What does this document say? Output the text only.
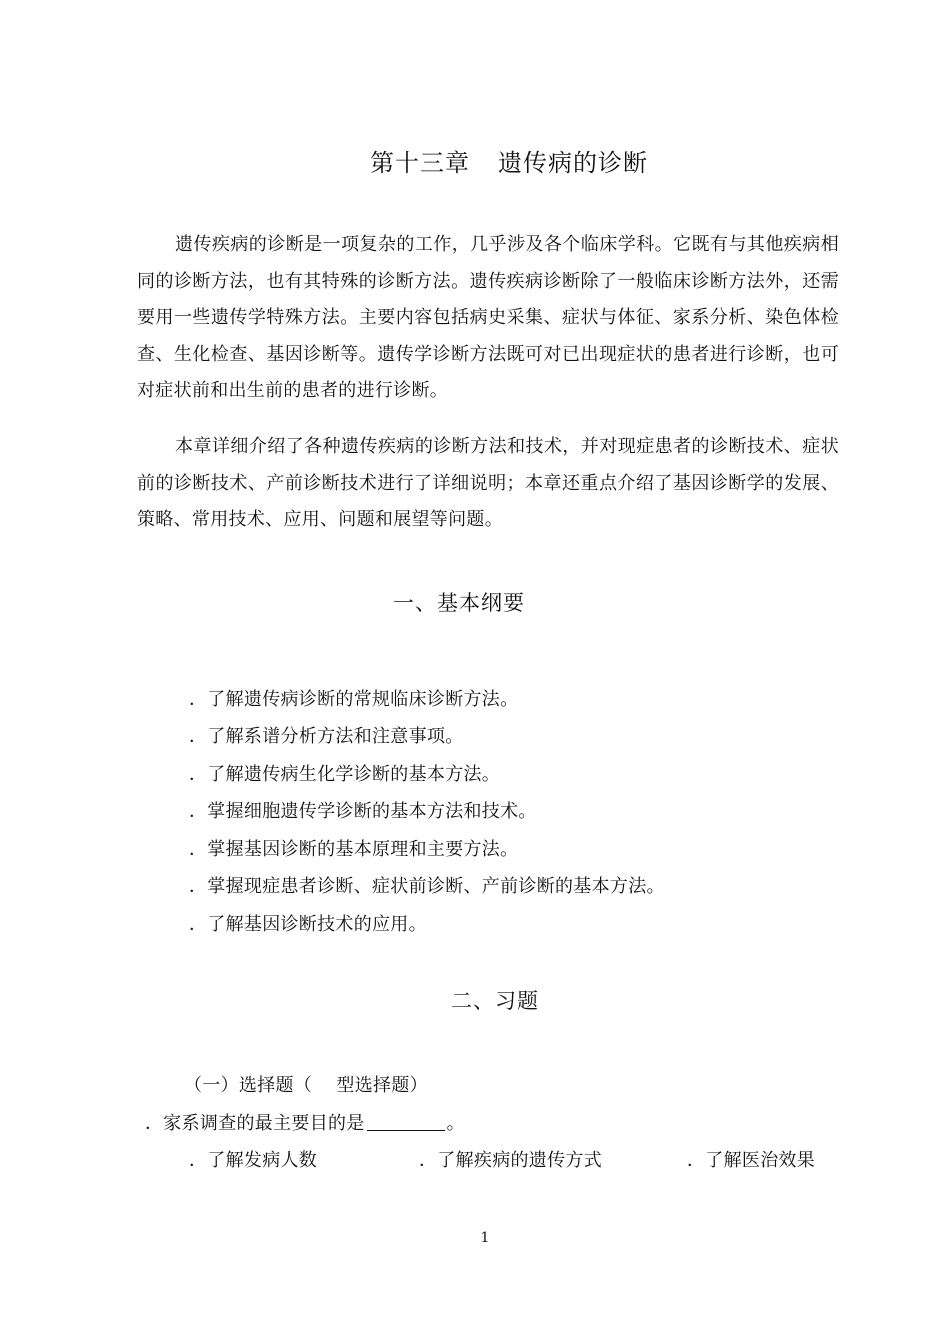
第十三章 遗传病的诊断

遗传疾病的诊断是一项复杂的工作，几乎涉及各个临床学科。它既有与其他疾病相同的诊断方法，也有其特殊的诊断方法。遗传疾病诊断除了一般临床诊断方法外，还需要用一些遗传学特殊方法。主要内容包括病史采集、症状与体征、家系分析、染色体检查、生化检查、基因诊断等。遗传学诊断方法既可对已出现症状的患者进行诊断，也可对症状前和出生前的患者的进行诊断。

本章详细介绍了各种遗传疾病的诊断方法和技术，并对现症患者的诊断技术、症状前的诊断技术、产前诊断技术进行了详细说明；本章还重点介绍了基因诊断学的发展、策略、常用技术、应用、问题和展望等问题。

一、基本纲要
．了解遗传病诊断的常规临床诊断方法。
．了解系谱分析方法和注意事项。
．了解遗传病生化学诊断的基本方法。
．掌握细胞遗传学诊断的基本方法和技术。
．掌握基因诊断的基本原理和主要方法。
．掌握现症患者诊断、症状前诊断、产前诊断的基本方法。
．了解基因诊断技术的应用。
二、习题
（一）选择题（　 型选择题）
．家系调查的最主要目的是	。
．了解发病人数	．了解疾病的遗传方式	．了解医治效果
1
